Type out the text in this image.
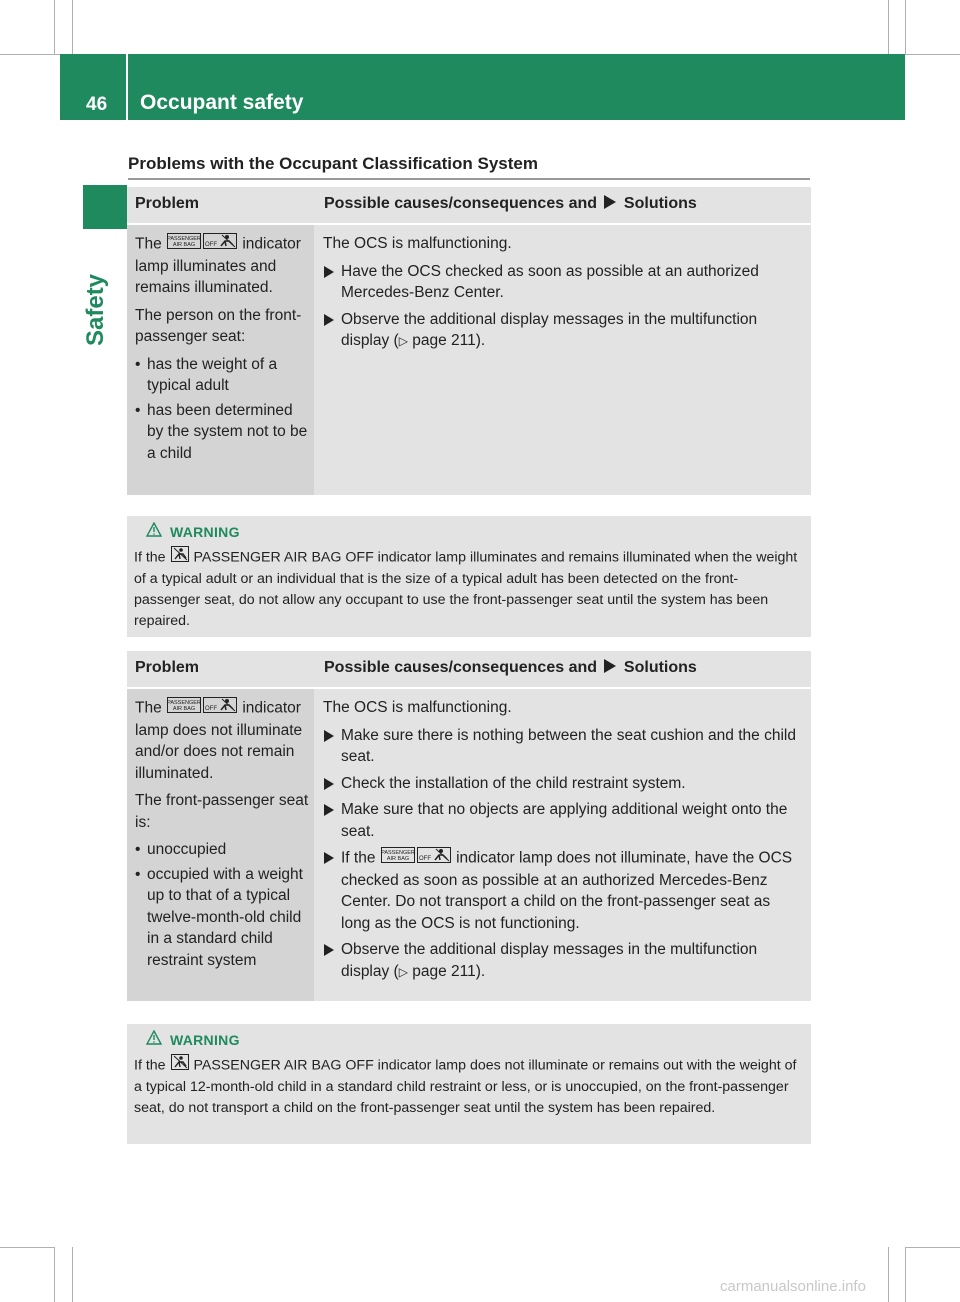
46 Occupant safety
Safety
Problems with the Occupant Classification System
Problem	Possible causes/consequences and Solutions
The PASSENGER
AIR BAG OFF indicator lamp illuminates and remains illuminated.
The person on the front-passenger seat:
• has the weight of a typical adult
• has been determined by the system not to be a child
The OCS is malfunctioning.
Have the OCS checked as soon as possible at an authorized Mercedes-Benz Center.
Observe the additional display messages in the multifunction display (▷ page 211).
WARNING
If the PASSENGER AIR BAG OFF indicator lamp illuminates and remains illuminated when the weight of a typical adult or an individual that is the size of a typical adult has been detected on the front-passenger seat, do not allow any occupant to use the front-passenger seat until the system has been repaired.
Problem	Possible causes/consequences and Solutions
The PASSENGER
AIR BAG OFF indicator lamp does not illuminate and/or does not remain illuminated.
The front-passenger seat is:
• unoccupied
• occupied with a weight up to that of a typical twelve-month-old child in a standard child restraint system
The OCS is malfunctioning.
Make sure there is nothing between the seat cushion and the child seat.
Check the installation of the child restraint system.
Make sure that no objects are applying additional weight onto the seat.
If the PASSENGER
AIR BAG OFF indicator lamp does not illuminate, have the OCS checked as soon as possible at an authorized Mercedes-Benz Center. Do not transport a child on the front-passenger seat as long as the OCS is not functioning.
Observe the additional display messages in the multifunction display (▷ page 211).
WARNING
If the PASSENGER AIR BAG OFF indicator lamp does not illuminate or remains out with the weight of a typical 12-month-old child in a standard child restraint or less, or is unoccupied, on the front-passenger seat, do not transport a child on the front-passenger seat until the system has been repaired.
carmanualsonline.info
